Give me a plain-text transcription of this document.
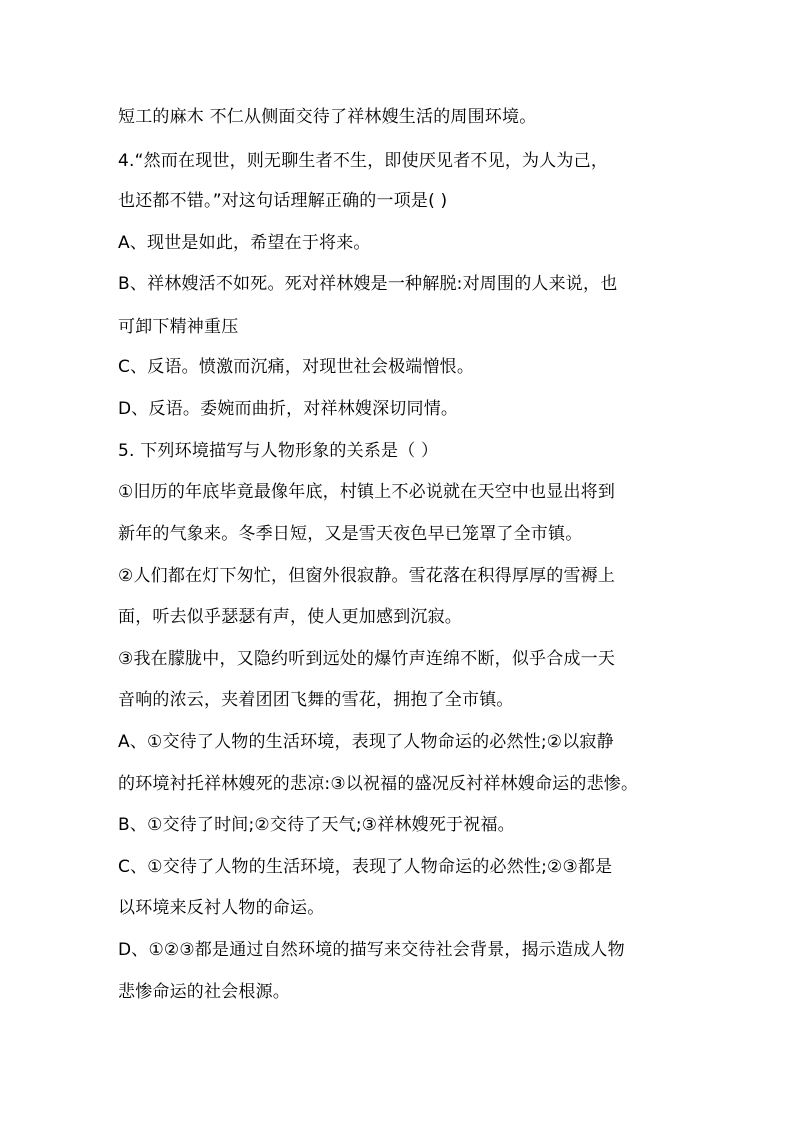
短工的麻木 不仁从侧面交待了祥林嫂生活的周围环境。
4.“然而在现世，则无聊生者不生，即使厌见者不见，为人为己，
也还都不错。”对这句话理解正确的一项是( )
A、现世是如此，希望在于将来。
B、祥林嫂活不如死。死对祥林嫂是一种解脱:对周围的人来说，也
可卸下精神重压
C、反语。愤激而沉痛，对现世社会极端憎恨。
D、反语。委婉而曲折，对祥林嫂深切同情。
5. 下列环境描写与人物形象的关系是（ ）
①旧历的年底毕竟最像年底，村镇上不必说就在天空中也显出将到
新年的气象来。冬季日短，又是雪天夜色早已笼罩了全市镇。
②人们都在灯下匆忙，但窗外很寂静。雪花落在积得厚厚的雪褥上
面，听去似乎瑟瑟有声，使人更加感到沉寂。
③我在朦胧中，又隐约听到远处的爆竹声连绵不断，似乎合成一天
音响的浓云，夹着团团飞舞的雪花，拥抱了全市镇。
A、①交待了人物的生活环境，表现了人物命运的必然性;②以寂静
的环境衬托祥林嫂死的悲凉:③以祝福的盛况反衬祥林嫂命运的悲惨。
B、①交待了时间;②交待了天气;③祥林嫂死于祝福。
C、①交待了人物的生活环境，表现了人物命运的必然性;②③都是
以环境来反衬人物的命运。
D、①②③都是通过自然环境的描写来交待社会背景，揭示造成人物
悲惨命运的社会根源。
